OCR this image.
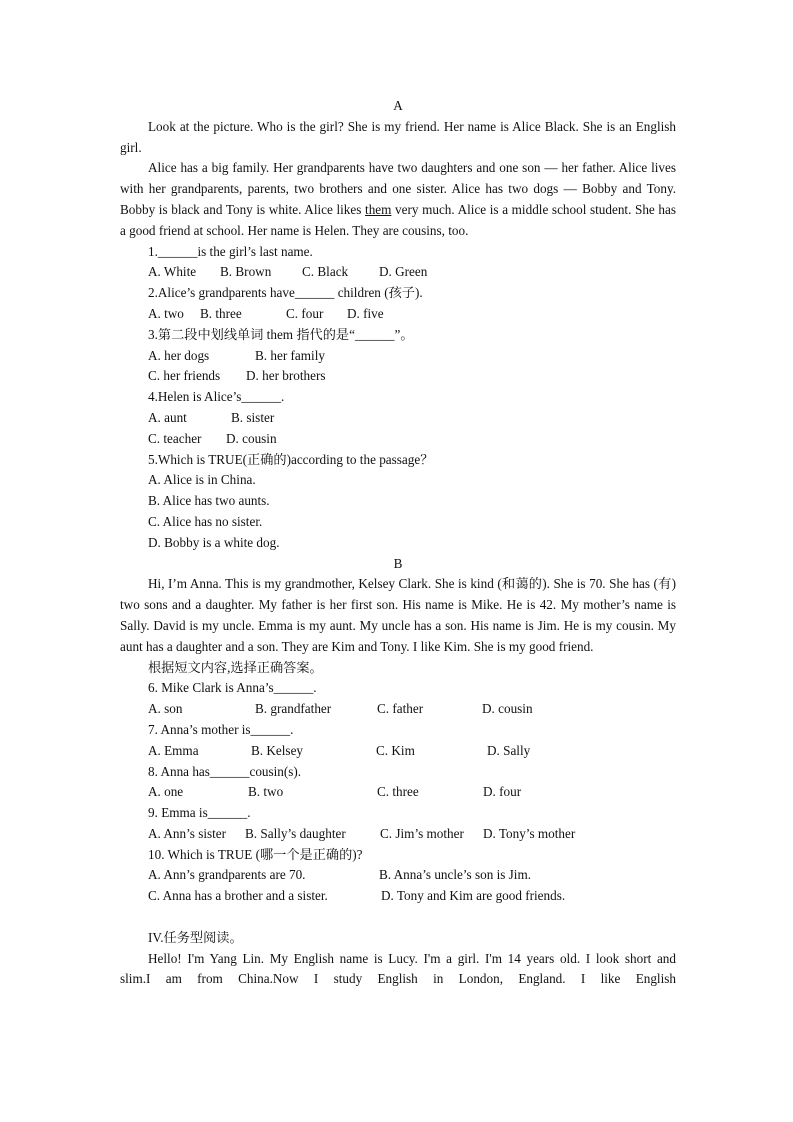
A

Look at the picture. Who is the girl? She is my friend. Her name is Alice Black. She is an English girl.

Alice has a big family. Her grandparents have two daughters and one son — her father. Alice lives with her grandparents, parents, two brothers and one sister. Alice has two dogs — Bobby and Tony. Bobby is black and Tony is white. Alice likes them very much. Alice is a middle school student. She has a good friend at school. Her name is Helen. They are cousins, too.

1.______is the girl’s last name.

A. White	B. Brown	C. Black	D. Green

2.Alice’s grandparents have______ children (孩子).

A. two	B. three	C. four	D. five

3.第二段中划线单词 them 指代的是“______”。

A. her dogs	B. her family

C. her friends	D. her brothers

4.Helen is Alice’s______.

A. aunt	B. sister

C. teacher	D. cousin

5.Which is TRUE(正确的)according to the passage？

A. Alice is in China.

B. Alice has two aunts.

C. Alice has no sister.

D. Bobby is a white dog.

B

Hi, I’m Anna. This is my grandmother, Kelsey Clark. She is kind (和蔼的). She is 70. She has (有) two sons and a daughter. My father is her first son. His name is Mike. He is 42. My mother’s name is Sally. David is my uncle. Emma is my aunt. My uncle has a son. His name is Jim. He is my cousin. My aunt has a daughter and a son. They are Kim and Tony. I like Kim. She is my good friend.

根据短文内容,选择正确答案。

6. Mike Clark is Anna’s______.

A. son	B. grandfather	C. father	D. cousin

7. Anna’s mother is______.

A. Emma	B. Kelsey	C. Kim	D. Sally

8. Anna has______cousin(s).

A. one	B. two	C. three	D. four

9. Emma is______.

A. Ann’s sister	B. Sally’s daughter	C. Jim’s mother	D. Tony’s mother

10. Which is TRUE (哪一个是正确的)?

A. Ann’s grandparents are 70.	B. Anna’s uncle’s son is Jim.

C. Anna has a brother and a sister.	D. Tony and Kim are good friends.

IV.任务型阅读。

Hello! I'm Yang Lin. My English name is Lucy. I'm a girl. I'm 14 years old. I look short and

slim.I am from China.Now I study English in London, England. I like English
